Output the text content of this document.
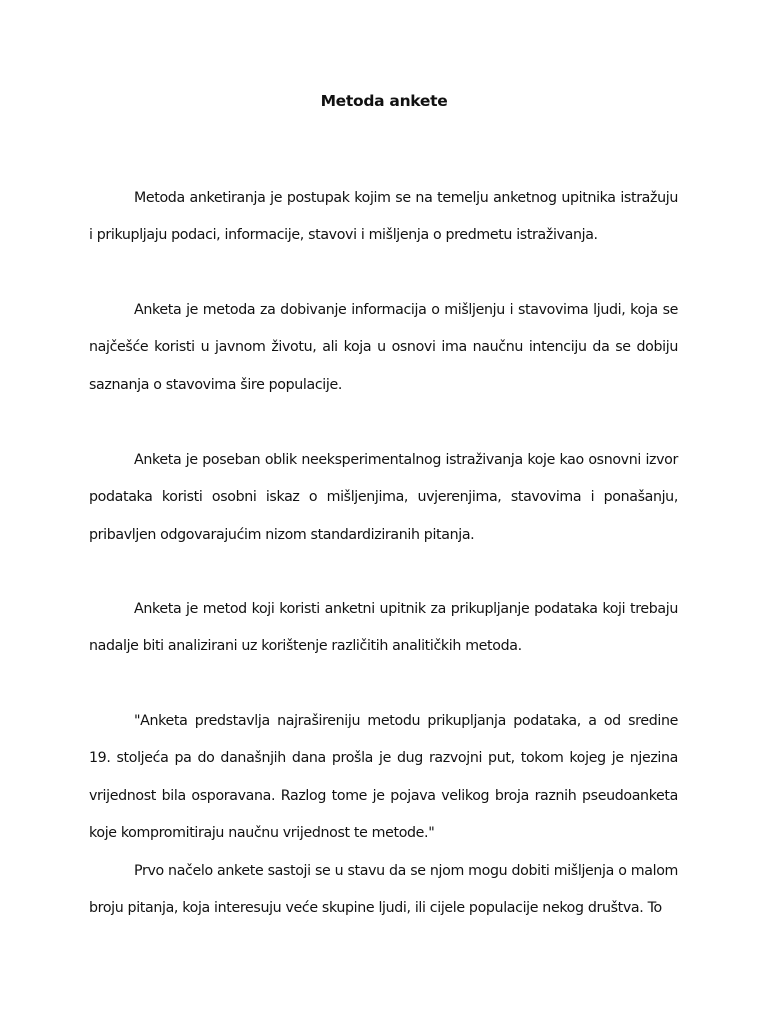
Metoda ankete

Metoda anketiranja je postupak kojim se na temelju anketnog upitnika istražuju i prikupljaju podaci, informacije, stavovi i mišljenja o predmetu istraživanja.

Anketa je metoda za dobivanje informacija o mišljenju i stavovima ljudi, koja se najčešće koristi u javnom životu, ali koja u osnovi ima naučnu intenciju da se dobiju saznanja o stavovima šire populacije.

Anketa je poseban oblik neeksperimentalnog istraživanja koje kao osnovni izvor podataka koristi osobni iskaz o mišljenjima, uvjerenjima, stavovima i ponašanju, pribavljen odgovarajućim nizom standardiziranih pitanja.

Anketa je metod koji koristi anketni upitnik za prikupljanje podataka koji trebaju nadalje biti analizirani uz korištenje različitih analitičkih metoda.

"Anketa predstavlja najrašireniju metodu prikupljanja podataka, a od sredine 19. stoljeća pa do današnjih dana prošla je dug razvojni put, tokom kojeg je njezina vrijednost bila osporavana. Razlog tome je pojava velikog broja raznih pseudoanketa koje kompromitiraju naučnu vrijednost te metode."

Prvo načelo ankete sastoji se u stavu da se njom mogu dobiti mišljenja o malom broju pitanja, koja interesuju veće skupine ljudi, ili cijele populacije nekog društva. To
